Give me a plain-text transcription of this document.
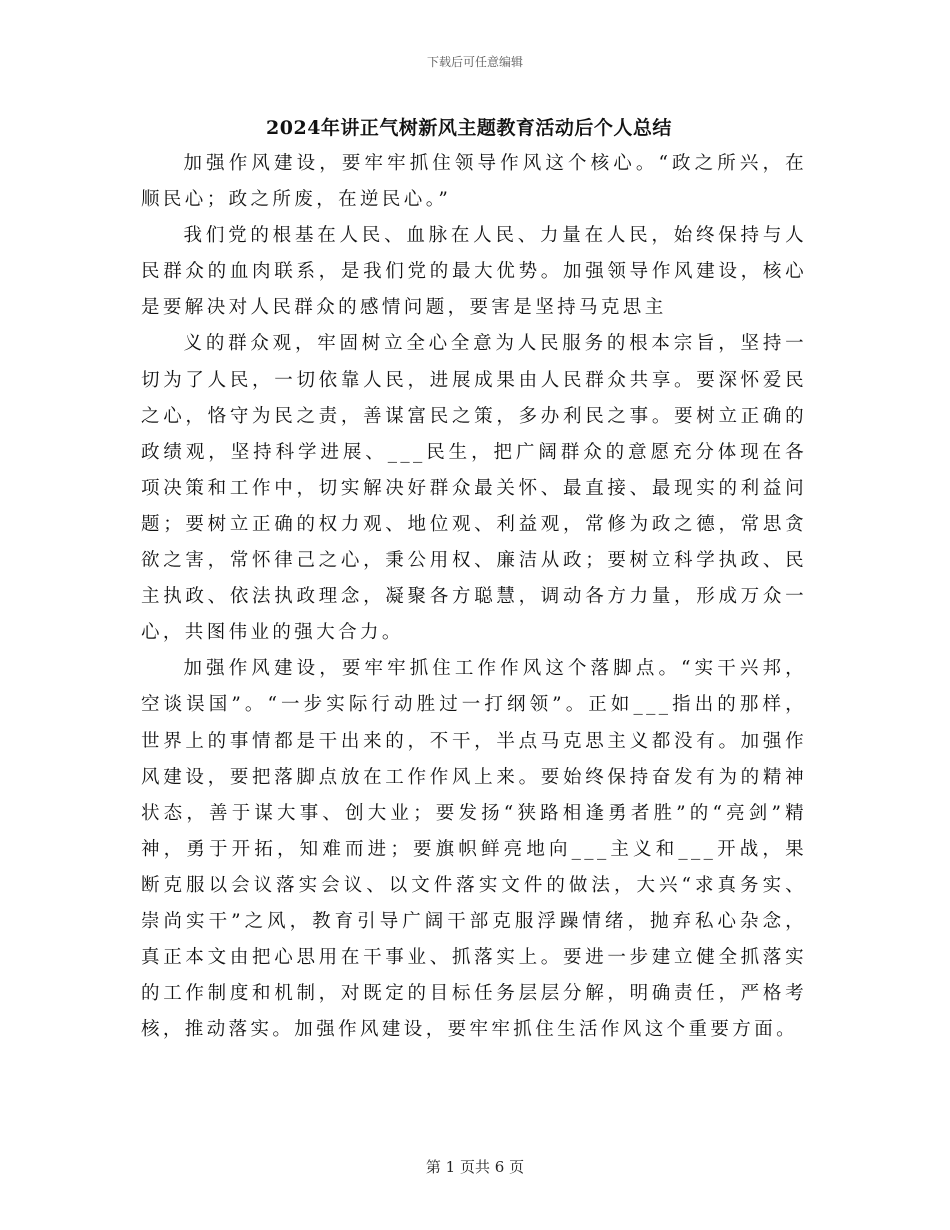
下载后可任意编辑
2024年讲正气树新风主题教育活动后个人总结

加强作风建设，要牢牢抓住领导作风这个核心。“政之所兴，在顺民心；政之所废，在逆民心。”

我们党的根基在人民、血脉在人民、力量在人民，始终保持与人民群众的血肉联系，是我们党的最大优势。加强领导作风建设，核心是要解决对人民群众的感情问题，要害是坚持马克思主

义的群众观，牢固树立全心全意为人民服务的根本宗旨，坚持一切为了人民，一切依靠人民，进展成果由人民群众共享。要深怀爱民之心，恪守为民之责，善谋富民之策，多办利民之事。要树立正确的政绩观，坚持科学进展、___民生，把广阔群众的意愿充分体现在各项决策和工作中，切实解决好群众最关怀、最直接、最现实的利益问题；要树立正确的权力观、地位观、利益观，常修为政之德，常思贪欲之害，常怀律己之心，秉公用权、廉洁从政；要树立科学执政、民主执政、依法执政理念，凝聚各方聪慧，调动各方力量，形成万众一心，共图伟业的强大合力。

加强作风建设，要牢牢抓住工作作风这个落脚点。“实干兴邦，空谈误国”。“一步实际行动胜过一打纲领”。正如___指出的那样，世界上的事情都是干出来的，不干，半点马克思主义都没有。加强作风建设，要把落脚点放在工作作风上来。要始终保持奋发有为的精神状态，善于谋大事、创大业；要发扬“狭路相逢勇者胜”的“亮剑”精神，勇于开拓，知难而进；要旗帜鲜亮地向___主义和___开战，果断克服以会议落实会议、以文件落实文件的做法，大兴“求真务实、崇尚实干”之风，教育引导广阔干部克服浮躁情绪，抛弃私心杂念，真正本文由把心思用在干事业、抓落实上。要进一步建立健全抓落实的工作制度和机制，对既定的目标任务层层分解，明确责任，严格考核，推动落实。加强作风建设，要牢牢抓住生活作风这个重要方面。

第 1 页共 6 页
